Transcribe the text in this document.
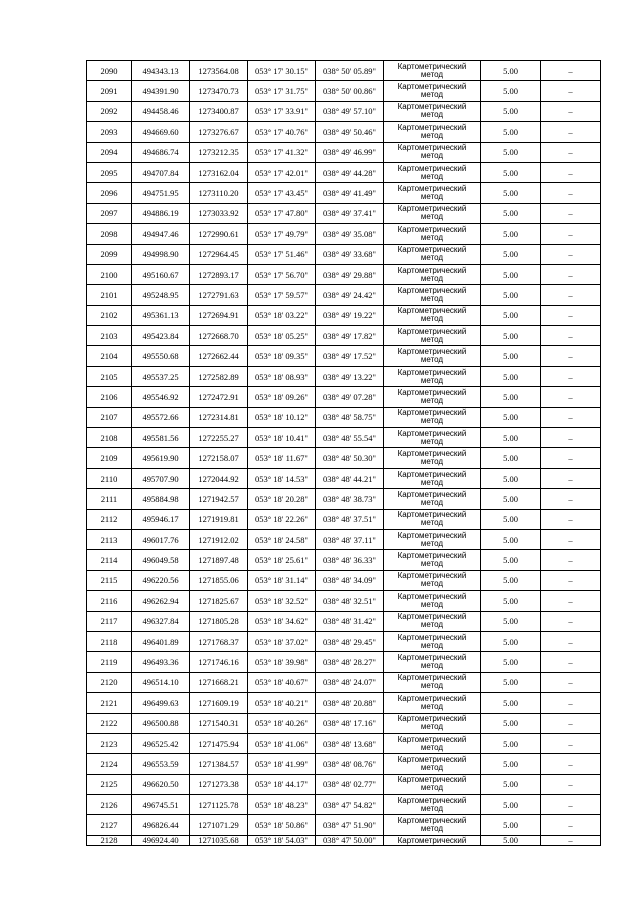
2090	494343.13	1273564.08	053° 17' 30.15"	038° 50' 05.89"	Картометрический метод	5.00	–
2091	494391.90	1273470.73	053° 17' 31.75"	038° 50' 00.86"	Картометрический метод	5.00	–
2092	494458.46	1273400.87	053° 17' 33.91"	038° 49' 57.10"	Картометрический метод	5.00	–
2093	494669.60	1273276.67	053° 17' 40.76"	038° 49' 50.46"	Картометрический метод	5.00	–
2094	494686.74	1273212.35	053° 17' 41.32"	038° 49' 46.99"	Картометрический метод	5.00	–
2095	494707.84	1273162.04	053° 17' 42.01"	038° 49' 44.28"	Картометрический метод	5.00	–
2096	494751.95	1273110.20	053° 17' 43.45"	038° 49' 41.49"	Картометрический метод	5.00	–
2097	494886.19	1273033.92	053° 17' 47.80"	038° 49' 37.41"	Картометрический метод	5.00	–
2098	494947.46	1272990.61	053° 17' 49.79"	038° 49' 35.08"	Картометрический метод	5.00	–
2099	494998.90	1272964.45	053° 17' 51.46"	038° 49' 33.68"	Картометрический метод	5.00	–
2100	495160.67	1272893.17	053° 17' 56.70"	038° 49' 29.88"	Картометрический метод	5.00	–
2101	495248.95	1272791.63	053° 17' 59.57"	038° 49' 24.42"	Картометрический метод	5.00	–
2102	495361.13	1272694.91	053° 18' 03.22"	038° 49' 19.22"	Картометрический метод	5.00	–
2103	495423.84	1272668.70	053° 18' 05.25"	038° 49' 17.82"	Картометрический метод	5.00	–
2104	495550.68	1272662.44	053° 18' 09.35"	038° 49' 17.52"	Картометрический метод	5.00	–
2105	495537.25	1272582.89	053° 18' 08.93"	038° 49' 13.22"	Картометрический метод	5.00	–
2106	495546.92	1272472.91	053° 18' 09.26"	038° 49' 07.28"	Картометрический метод	5.00	–
2107	495572.66	1272314.81	053° 18' 10.12"	038° 48' 58.75"	Картометрический метод	5.00	–
2108	495581.56	1272255.27	053° 18' 10.41"	038° 48' 55.54"	Картометрический метод	5.00	–
2109	495619.90	1272158.07	053° 18' 11.67"	038° 48' 50.30"	Картометрический метод	5.00	–
2110	495707.90	1272044.92	053° 18' 14.53"	038° 48' 44.21"	Картометрический метод	5.00	–
2111	495884.98	1271942.57	053° 18' 20.28"	038° 48' 38.73"	Картометрический метод	5.00	–
2112	495946.17	1271919.81	053° 18' 22.26"	038° 48' 37.51"	Картометрический метод	5.00	–
2113	496017.76	1271912.02	053° 18' 24.58"	038° 48' 37.11"	Картометрический метод	5.00	–
2114	496049.58	1271897.48	053° 18' 25.61"	038° 48' 36.33"	Картометрический метод	5.00	–
2115	496220.56	1271855.06	053° 18' 31.14"	038° 48' 34.09"	Картометрический метод	5.00	–
2116	496262.94	1271825.67	053° 18' 32.52"	038° 48' 32.51"	Картометрический метод	5.00	–
2117	496327.84	1271805.28	053° 18' 34.62"	038° 48' 31.42"	Картометрический метод	5.00	–
2118	496401.89	1271768.37	053° 18' 37.02"	038° 48' 29.45"	Картометрический метод	5.00	–
2119	496493.36	1271746.16	053° 18' 39.98"	038° 48' 28.27"	Картометрический метод	5.00	–
2120	496514.10	1271668.21	053° 18' 40.67"	038° 48' 24.07"	Картометрический метод	5.00	–
2121	496499.63	1271609.19	053° 18' 40.21"	038° 48' 20.88"	Картометрический метод	5.00	–
2122	496500.88	1271540.31	053° 18' 40.26"	038° 48' 17.16"	Картометрический метод	5.00	–
2123	496525.42	1271475.94	053° 18' 41.06"	038° 48' 13.68"	Картометрический метод	5.00	–
2124	496553.59	1271384.57	053° 18' 41.99"	038° 48' 08.76"	Картометрический метод	5.00	–
2125	496620.50	1271273.38	053° 18' 44.17"	038° 48' 02.77"	Картометрический метод	5.00	–
2126	496745.51	1271125.78	053° 18' 48.23"	038° 47' 54.82"	Картометрический метод	5.00	–
2127	496826.44	1271071.29	053° 18' 50.86"	038° 47' 51.90"	Картометрический метод	5.00	–
2128	496924.40	1271035.68	053° 18' 54.03"	038° 47' 50.00"	Картометрический	5.00	–
